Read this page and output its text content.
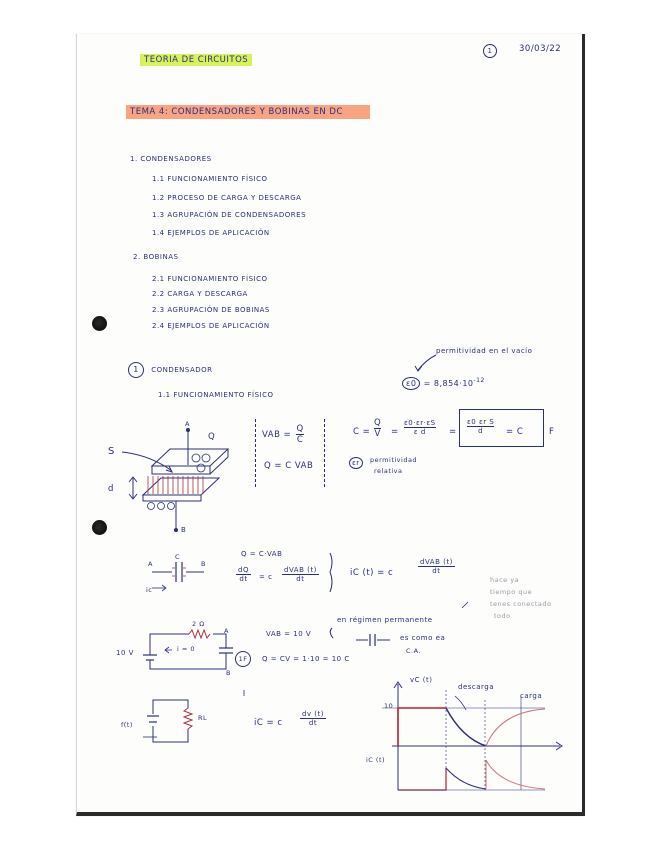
TEORIA DE CIRCUITOS
1	30/03/22
TEMA 4: CONDENSADORES Y BOBINAS EN DC
1. CONDENSADORES
1.1 FUNCIONAMIENTO FÍSICO
1.2 PROCESO DE CARGA Y DESCARGA
1.3 AGRUPACIÓN DE CONDENSADORES
1.4 EJEMPLOS DE APLICACIÓN
2. BOBINAS
2.1 FUNCIONAMIENTO FÍSICO
2.2 CARGA Y DESCARGA
2.3 AGRUPACIÓN DE BOBINAS
2.4 EJEMPLOS DE APLICACIÓN
1 CONDENSADOR
1.1 FUNCIONAMIENTO FÍSICO
permitividad en el vacío
$\varepsilon 0 = 8,854\cdot 10^{-12}$
VAB = $\frac{Q}{C}$
Q = C VAB
C =
Q
V =
ε0·εr·εS
ε d	=
ε0 εr S
d	= C	F
εr	permitividad
relativa
S
d
A
Q
B
A
C
B
ic
Q = C·VAB
dQ
dt	= c
dVAB (t)
dt
iC (t) = c
dVAB (t)
dt
hace ya
tiempo que
tenes conectado
todo
2 Ω
10 V	i = 0
A
B
1F
VAB = 10 V
Q = CV = 1·10 = 10 C
en régimen permanente
es como ea
C.A.
f(t)
RL	iC = c
dv (t)
dt
vC (t)
iC (t)
10
descarga
carga
